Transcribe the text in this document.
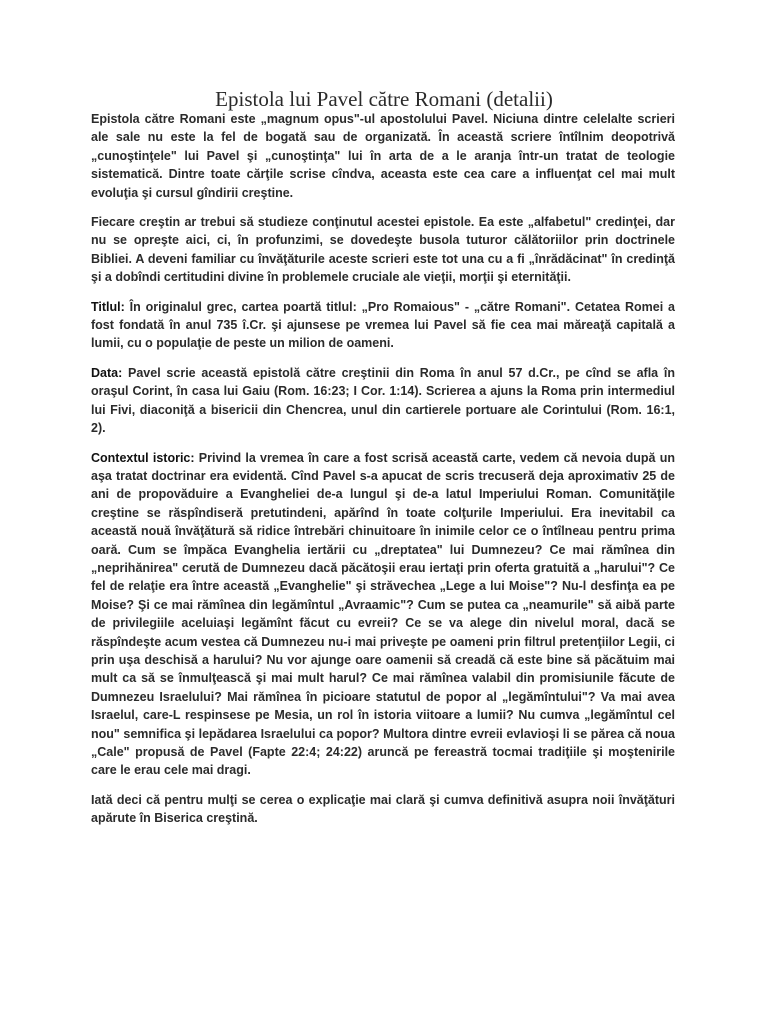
Epistola lui Pavel către Romani (detalii)

Epistola către Romani este „magnum opus"-ul apostolului Pavel. Niciuna dintre celelalte scrieri ale sale nu este la fel de bogată sau de organizată. În această scriere întîlnim deopotrivă „cunoştinţele" lui Pavel şi „cunoştinţa" lui în arta de a le aranja într-un tratat de teologie sistematică. Dintre toate cărţile scrise cîndva, aceasta este cea care a influenţat cel mai mult evoluţia şi cursul gîndirii creştine.

Fiecare creştin ar trebui să studieze conţinutul acestei epistole. Ea este „alfabetul" credinţei, dar nu se opreşte aici, ci, în profunzimi, se dovedeşte busola tuturor călătoriilor prin doctrinele Bibliei. A deveni familiar cu învăţăturile aceste scrieri este tot una cu a fi „înrădăcinat" în credinţă şi a dobîndi certitudini divine în problemele cruciale ale vieţii, morţii şi eternităţii.

Titlul: În originalul grec, cartea poartă titlul: „Pro Romaious" - „către Romani". Cetatea Romei a fost fondată în anul 735 î.Cr. şi ajunsese pe vremea lui Pavel să fie cea mai măreaţă capitală a lumii, cu o populaţie de peste un milion de oameni.

Data: Pavel scrie această epistolă către creştinii din Roma în anul 57 d.Cr., pe cînd se afla în oraşul Corint, în casa lui Gaiu (Rom. 16:23; I Cor. 1:14). Scrierea a ajuns la Roma prin intermediul lui Fivi, diaconiţă a bisericii din Chencrea, unul din cartierele portuare ale Corintului (Rom. 16:1, 2).

Contextul istoric: Privind la vremea în care a fost scrisă această carte, vedem că nevoia după un aşa tratat doctrinar era evidentă. Cînd Pavel s-a apucat de scris trecuseră deja aproximativ 25 de ani de propovăduire a Evangheliei de-a lungul şi de-a latul Imperiului Roman. Comunităţile creştine se răspîndiseră pretutindeni, apărînd în toate colţurile Imperiului. Era inevitabil ca această nouă învăţătură să ridice întrebări chinuitoare în inimile celor ce o întîlneau pentru prima oară. Cum se împăca Evanghelia iertării cu „dreptatea" lui Dumnezeu? Ce mai rămînea din „neprihănirea" cerută de Dumnezeu dacă păcătoşii erau iertaţi prin oferta gratuită a „harului"? Ce fel de relaţie era între această „Evanghelie" şi străvechea „Lege a lui Moise"? Nu-l desfinţa ea pe Moise? Şi ce mai rămînea din legămîntul „Avraamic"? Cum se putea ca „neamurile" să aibă parte de privilegiile aceluiaşi legămînt făcut cu evreii? Ce se va alege din nivelul moral, dacă se răspîndeşte acum vestea că Dumnezeu nu-i mai priveşte pe oameni prin filtrul pretenţiilor Legii, ci prin uşa deschisă a harului? Nu vor ajunge oare oamenii să creadă că este bine să păcătuim mai mult ca să se înmulţească şi mai mult harul? Ce mai rămînea valabil din promisiunile făcute de Dumnezeu Israelului? Mai rămînea în picioare statutul de popor al „legămîntului"? Va mai avea Israelul, care-L respinsese pe Mesia, un rol în istoria viitoare a lumii? Nu cumva „legămîntul cel nou" semnifica şi lepădarea Israelului ca popor? Multora dintre evreii evlavioşi li se părea că noua „Cale" propusă de Pavel (Fapte 22:4; 24:22) aruncă pe fereastră tocmai tradiţiile şi moştenirile care le erau cele mai dragi.

Iată deci că pentru mulţi se cerea o explicaţie mai clară şi cumva definitivă asupra noii învăţături apărute în Biserica creştină.
